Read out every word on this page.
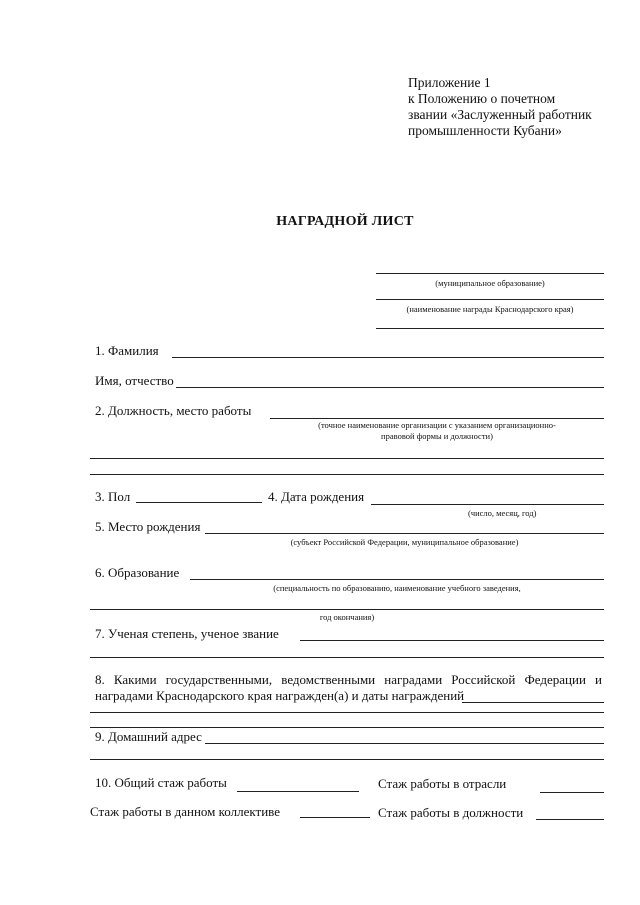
Приложение 1
к Положению о почетном
звании «Заслуженный работник
промышленности Кубани»
НАГРАДНОЙ ЛИСТ
(муниципальное образование)
(наименование награды Краснодарского края)
1. Фамилия
Имя, отчество
2. Должность, место работы
(точное наименование организации с указанием организационно-
правовой формы и должности)
3. Пол	4. Дата рождения
(число, месяц, год)
5. Место рождения
(субъект Российской Федерации, муниципальное образование)
6. Образование
(специальность по образованию, наименование учебного заведения,
год окончания)
7. Ученая степень, ученое звание
8. Какими государственными, ведомственными наградами Российской Федерации и
наградами Краснодарского края награжден(а) и даты награждений
9. Домашний адрес
10. Общий стаж работы	Стаж работы в отрасли
Стаж работы в данном коллективе	Стаж работы в должности
